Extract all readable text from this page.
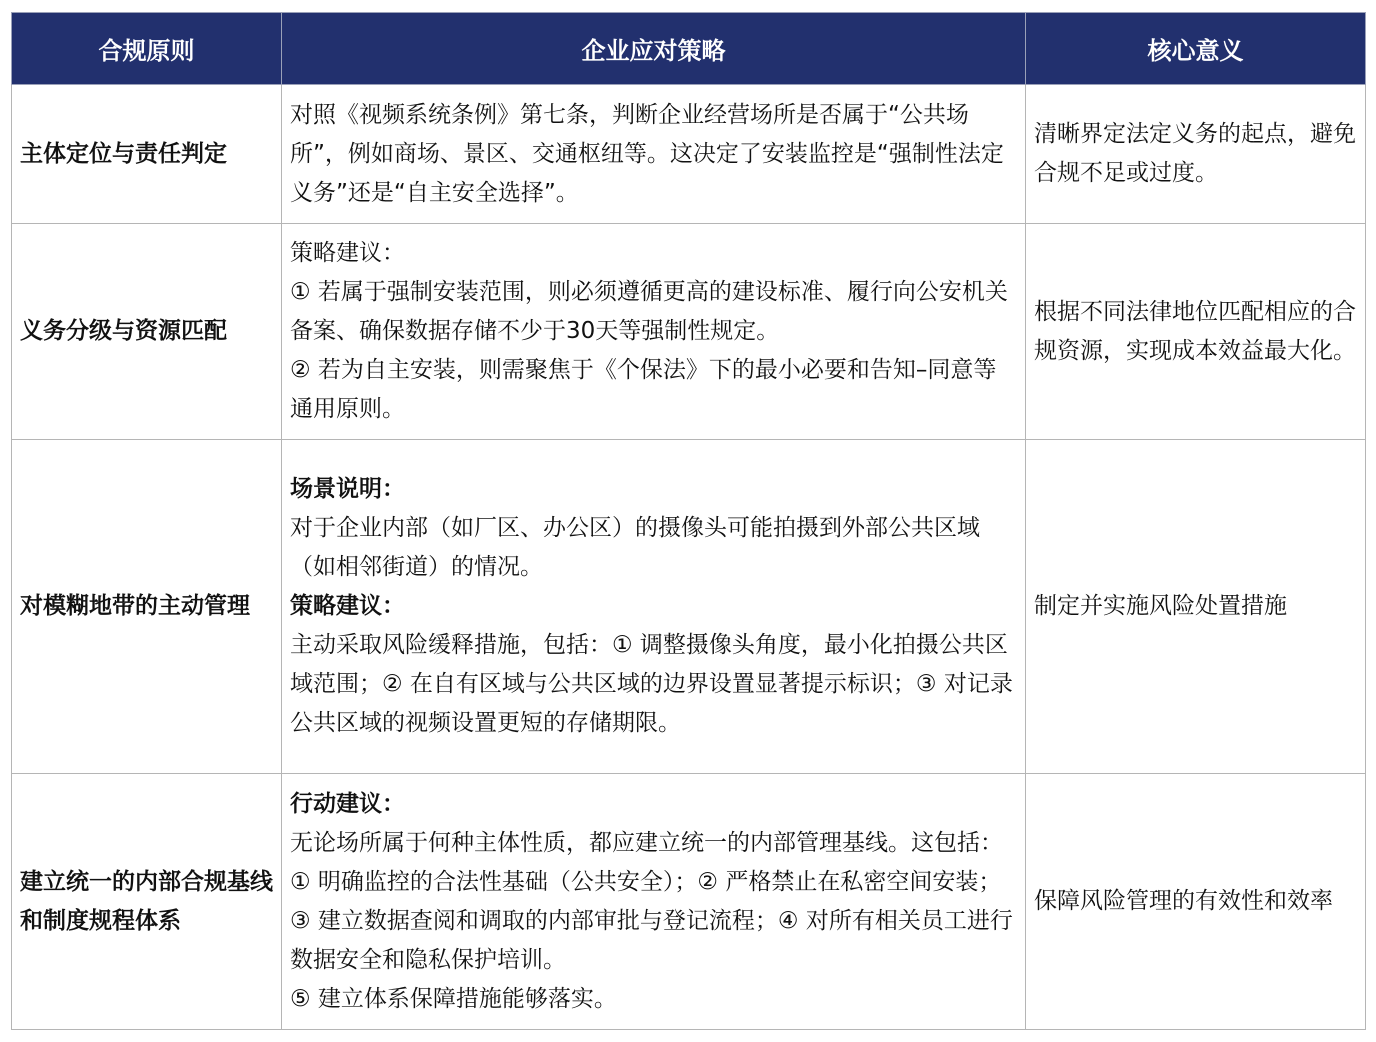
合规原则	企业应对策略	核心意义
主体定位与责任判定	对照《视频系统条例》第七条，判断企业经营场所是否属于“公共场所”，例如商场、景区、交通枢纽等。这决定了安装监控是“强制性法定义务”还是“自主安全选择”。	清晰界定法定义务的起点，避免合规不足或过度。
义务分级与资源匹配	策略建议：
① 若属于强制安装范围，则必须遵循更高的建设标准、履行向公安机关备案、确保数据存储不少于30天等强制性规定。
② 若为自主安装，则需聚焦于《个保法》下的最小必要和告知–同意等通用原则。	根据不同法律地位匹配相应的合规资源，实现成本效益最大化。
对模糊地带的主动管理	场景说明：
对于企业内部（如厂区、办公区）的摄像头可能拍摄到外部公共区域（如相邻街道）的情况。
策略建议：
主动采取风险缓释措施，包括：① 调整摄像头角度，最小化拍摄公共区域范围；② 在自有区域与公共区域的边界设置显著提示标识；③ 对记录公共区域的视频设置更短的存储期限。	制定并实施风险处置措施
建立统一的内部合规基线和制度规程体系	行动建议：
无论场所属于何种主体性质，都应建立统一的内部管理基线。这包括：① 明确监控的合法性基础（公共安全）；② 严格禁止在私密空间安装；③ 建立数据查阅和调取的内部审批与登记流程；④ 对所有相关员工进行数据安全和隐私保护培训。
⑤ 建立体系保障措施能够落实。	保障风险管理的有效性和效率
